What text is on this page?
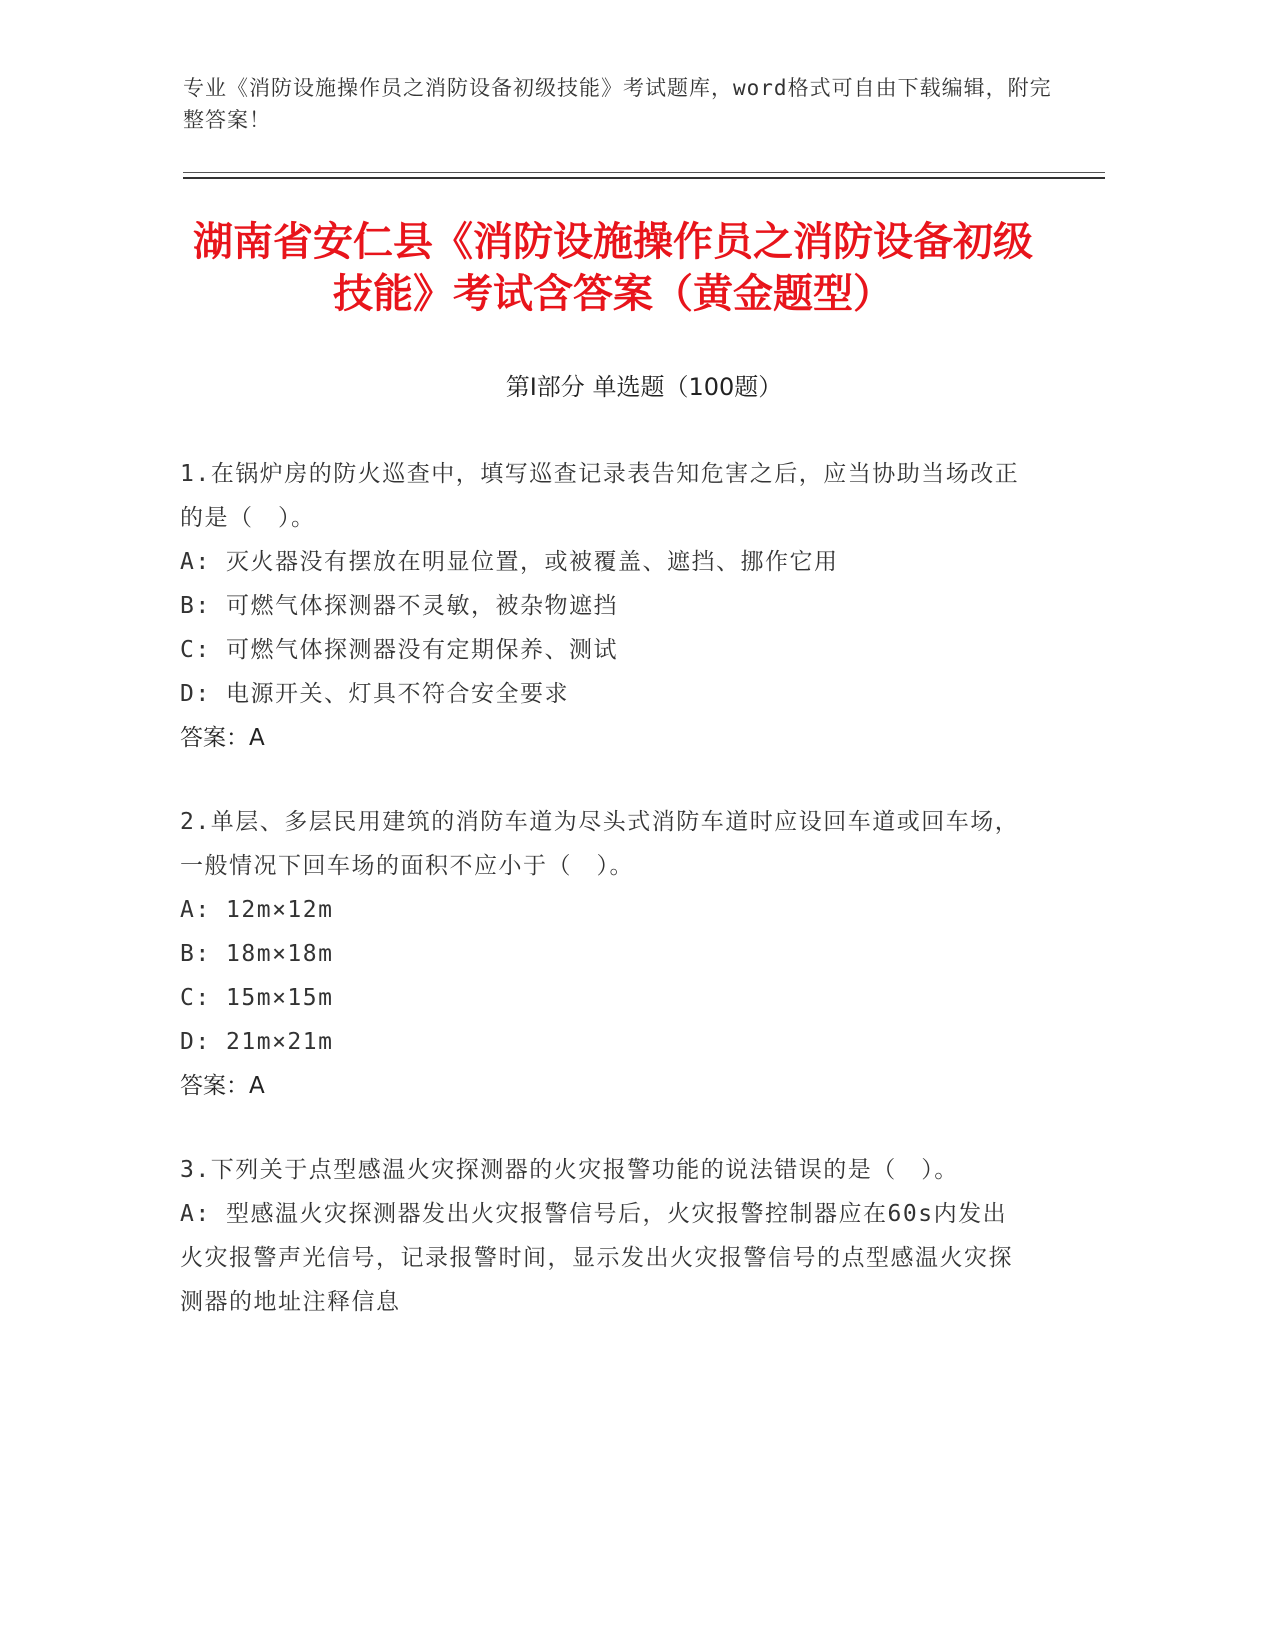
专业《消防设施操作员之消防设备初级技能》考试题库，word格式可自由下载编辑，附完整答案！
湖南省安仁县《消防设施操作员之消防设备初级技能》考试含答案（黄金题型）
第Ⅰ部分 单选题（100题）

1.在锅炉房的防火巡查中，填写巡查记录表告知危害之后，应当协助当场改正的是（　）。

A: 灭火器没有摆放在明显位置，或被覆盖、遮挡、挪作它用

B: 可燃气体探测器不灵敏，被杂物遮挡

C: 可燃气体探测器没有定期保养、测试

D: 电源开关、灯具不符合安全要求

答案：A

2.单层、多层民用建筑的消防车道为尽头式消防车道时应设回车道或回车场，一般情况下回车场的面积不应小于（　）。

A: 12m×12m

B: 18m×18m

C: 15m×15m

D: 21m×21m

答案：A

3.下列关于点型感温火灾探测器的火灾报警功能的说法错误的是（　）。

A: 型感温火灾探测器发出火灾报警信号后，火灾报警控制器应在60s内发出火灾报警声光信号，记录报警时间，显示发出火灾报警信号的点型感温火灾探测器的地址注释信息
